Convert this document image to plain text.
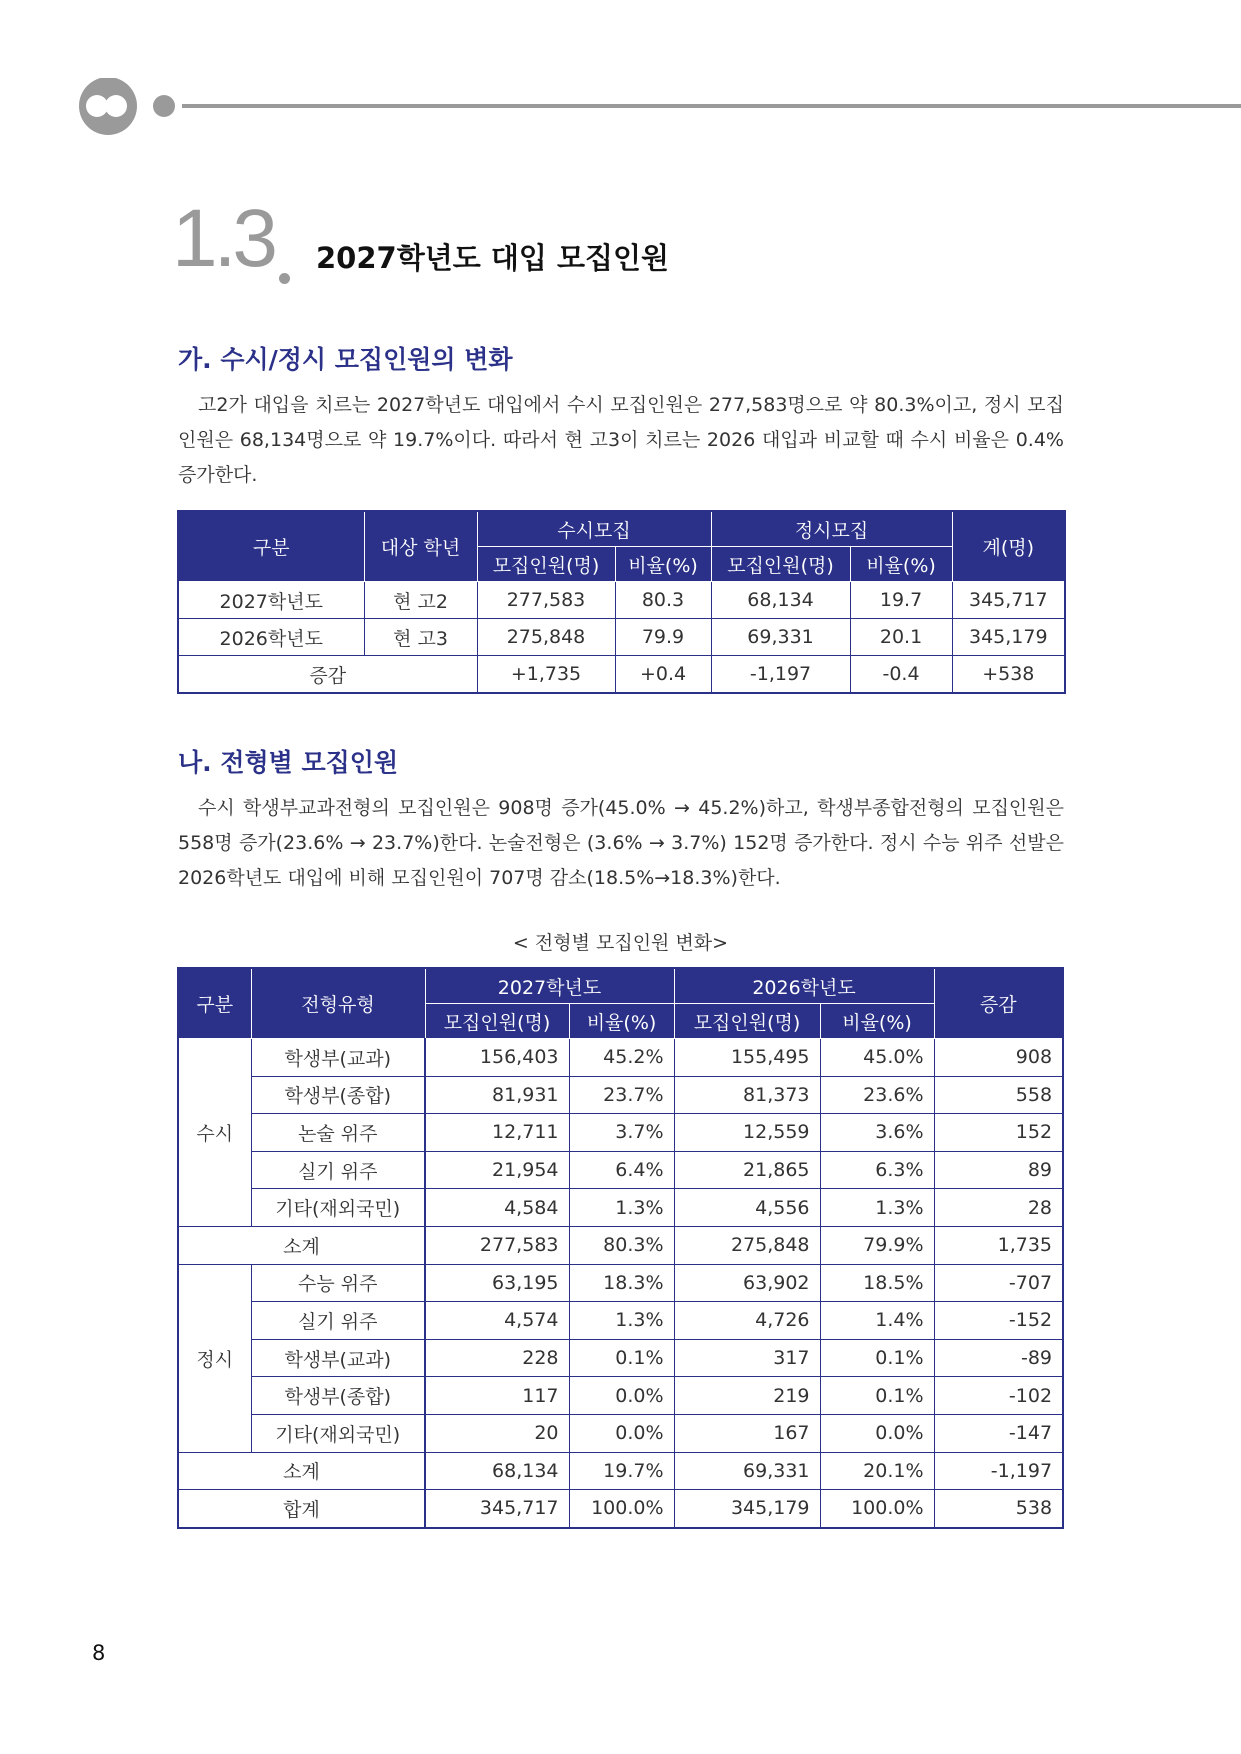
1.3 2027학년도 대입 모집인원
가. 수시/정시 모집인원의 변화

고2가 대입을 치르는 2027학년도 대입에서 수시 모집인원은 277,583명으로 약 80.3%이고, 정시 모집인원은 68,134명으로 약 19.7%이다. 따라서 현 고3이 치르는 2026 대입과 비교할 때 수시 비율은 0.4% 증가한다.

구분	대상 학년	수시모집		정시모집		계(명)
		모집인원(명)	비율(%)	모집인원(명)	비율(%)	
2027학년도	현 고2	277,583	80.3	68,134	19.7	345,717
2026학년도	현 고3	275,848	79.9	69,331	20.1	345,179
증감		+1,735	+0.4	-1,197	-0.4	+538
나. 전형별 모집인원

수시 학생부교과전형의 모집인원은 908명 증가(45.0% → 45.2%)하고, 학생부종합전형의 모집인원은 558명 증가(23.6% → 23.7%)한다. 논술전형은 (3.6% → 3.7%) 152명 증가한다. 정시 수능 위주 선발은 2026학년도 대입에 비해 모집인원이 707명 감소(18.5%→18.3%)한다.

< 전형별 모집인원 변화>
구분	전형유형	2027학년도		2026학년도		증감
		모집인원(명)	비율(%)	모집인원(명)	비율(%)	
수시	학생부(교과)	156,403	45.2%	155,495	45.0%	908
	학생부(종합)	81,931	23.7%	81,373	23.6%	558
	논술 위주	12,711	3.7%	12,559	3.6%	152
	실기 위주	21,954	6.4%	21,865	6.3%	89
	기타(재외국민)	4,584	1.3%	4,556	1.3%	28
소계		277,583	80.3%	275,848	79.9%	1,735
정시	수능 위주	63,195	18.3%	63,902	18.5%	-707
	실기 위주	4,574	1.3%	4,726	1.4%	-152
	학생부(교과)	228	0.1%	317	0.1%	-89
	학생부(종합)	117	0.0%	219	0.1%	-102
	기타(재외국민)	20	0.0%	167	0.0%	-147
소계		68,134	19.7%	69,331	20.1%	-1,197
합계		345,717	100.0%	345,179	100.0%	538
8
